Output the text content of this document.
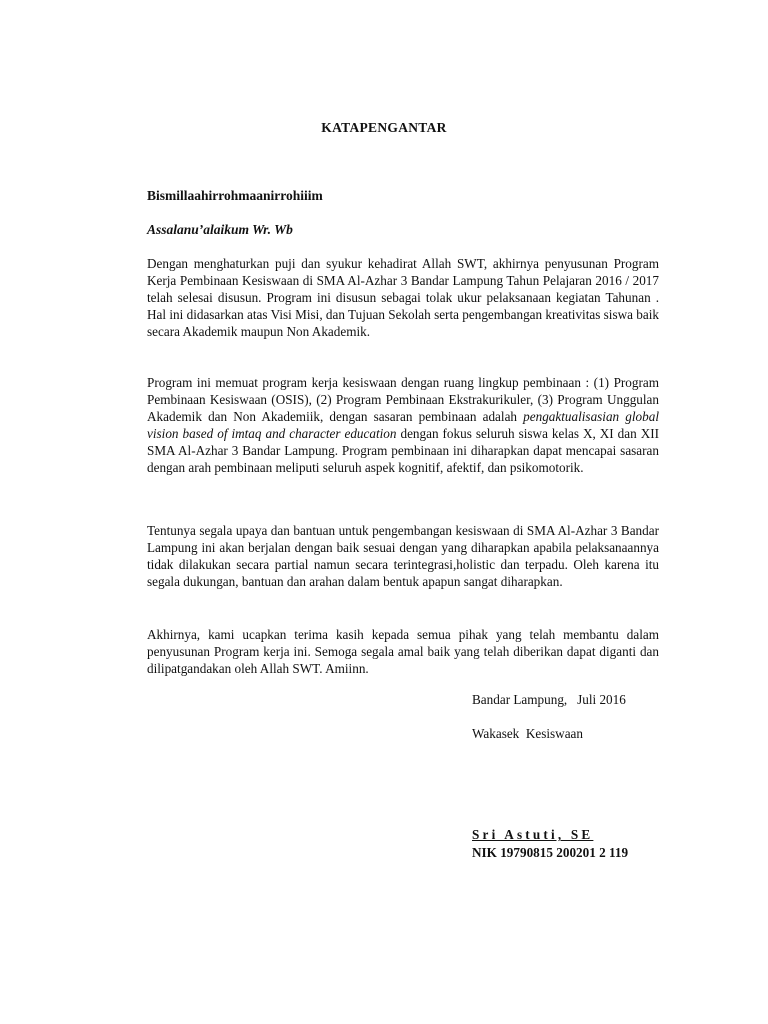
KATAPENGANTAR
Bismillaahirrohmaanirrohiiim
Assalanu’alaikum Wr. Wb

Dengan menghaturkan puji dan syukur kehadirat Allah SWT, akhirnya penyusunan Program Kerja Pembinaan Kesiswaan di SMA Al-Azhar 3 Bandar Lampung Tahun Pelajaran 2016 / 2017 telah selesai disusun. Program ini disusun sebagai tolak ukur pelaksanaan kegiatan Tahunan . Hal ini didasarkan atas Visi Misi, dan Tujuan Sekolah serta pengembangan kreativitas siswa baik secara Akademik maupun Non Akademik.

Program ini memuat program kerja kesiswaan dengan ruang lingkup pembinaan : (1) Program Pembinaan Kesiswaan (OSIS), (2) Program Pembinaan Ekstrakurikuler, (3) Program Unggulan Akademik dan Non Akademiik, dengan sasaran pembinaan adalah pengaktualisasian global vision based of imtaq and character education dengan fokus seluruh siswa kelas X, XI dan XII SMA Al-Azhar 3 Bandar Lampung. Program pembinaan ini diharapkan dapat mencapai sasaran dengan arah pembinaan meliputi seluruh aspek kognitif, afektif, dan psikomotorik.

Tentunya segala upaya dan bantuan untuk pengembangan kesiswaan di SMA Al-Azhar 3 Bandar Lampung ini akan berjalan dengan baik sesuai dengan yang diharapkan apabila pelaksanaannya tidak dilakukan secara partial namun secara terintegrasi,holistic dan terpadu. Oleh karena itu segala dukungan, bantuan dan arahan dalam bentuk apapun sangat diharapkan.

Akhirnya, kami ucapkan terima kasih kepada semua pihak yang telah membantu dalam penyusunan Program kerja ini. Semoga segala amal baik yang telah diberikan dapat diganti dan dilipatgandakan oleh Allah SWT. Amiinn.

Bandar Lampung,   Juli 2016
Wakasek  Kesiswaan
Sri Astuti, SE
NIK 19790815 200201 2 119
